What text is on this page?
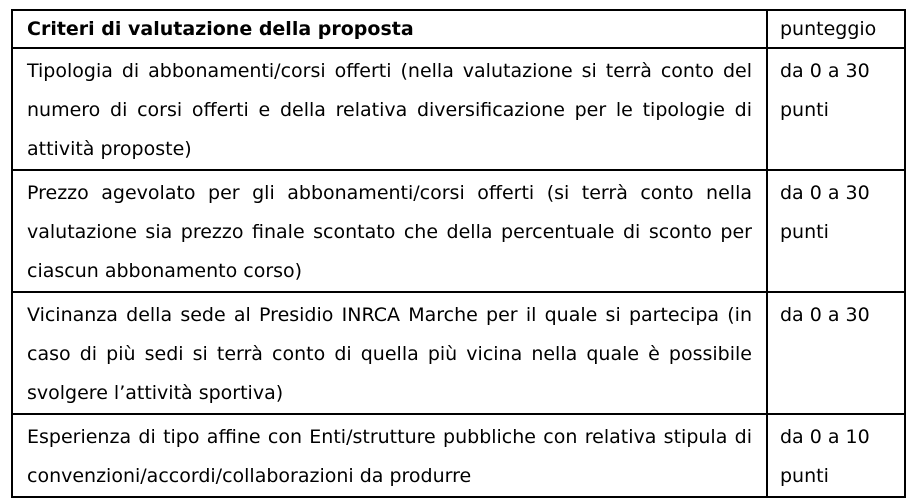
Criteri di valutazione della proposta	punteggio

Tipologia di abbonamenti/corsi offerti (nella valutazione si terrà conto del numero di corsi offerti e della relativa diversificazione per le tipologie di attività proposte)	da 0 a 30 punti

Prezzo agevolato per gli abbonamenti/corsi offerti (si terrà conto nella valutazione sia prezzo finale scontato che della percentuale di sconto per ciascun abbonamento corso)	da 0 a 30 punti

Vicinanza della sede al Presidio INRCA Marche per il quale si partecipa (in caso di più sedi si terrà conto di quella più vicina nella quale è possibile svolgere l’attività sportiva)	da 0 a 30

Esperienza di tipo affine con Enti/strutture pubbliche con relativa stipula di convenzioni/accordi/collaborazioni da produrre	da 0 a 10 punti
